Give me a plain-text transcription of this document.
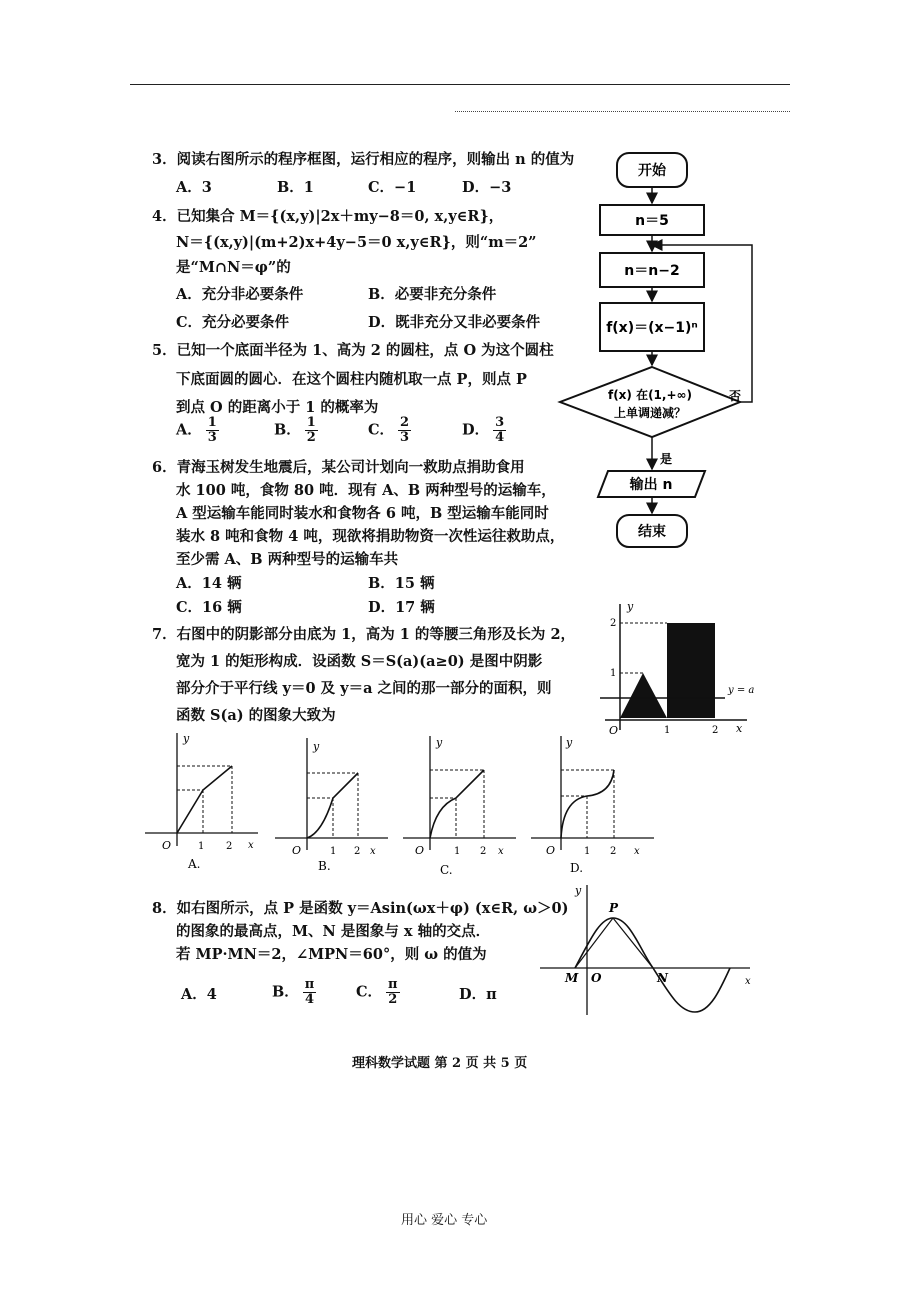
3．阅读右图所示的程序框图，运行相应的程序，则输出 n 的值为
A．3	B．1	C．−1	D．−3
4．已知集合 M＝{(x,y)|2x＋my−8＝0, x,y∈R}，
N＝{(x,y)|(m+2)x+4y−5＝0 x,y∈R}，则“m＝2”
是“M∩N＝φ”的
A．充分非必要条件	B．必要非充分条件
C．充分必要条件	D．既非充分又非必要条件
5．已知一个底面半径为 1、高为 2 的圆柱，点 O 为这个圆柱
下底面圆的圆心．在这个圆柱内随机取一点 P，则点 P
到点 O 的距离小于 1 的概率为
A． $\frac{1}{3}$	B． $\frac{1}{2}$	C． $\frac{2}{3}$	D． $\frac{3}{4}$
6．青海玉树发生地震后，某公司计划向一救助点捐助食用
水 100 吨，食物 80 吨．现有 A、B 两种型号的运输车，
A 型运输车能同时装水和食物各 6 吨，B 型运输车能同时
装水 8 吨和食物 4 吨，现欲将捐助物资一次性运往救助点，
至少需 A、B 两种型号的运输车共
A．14 辆	B．15 辆
C．16 辆	D．17 辆
7．右图中的阴影部分由底为 1，高为 1 的等腰三角形及长为 2，
宽为 1 的矩形构成．设函数 S＝S(a)(a≥0) 是图中阴影
部分介于平行线 y＝0 及 y＝a 之间的那一部分的面积，则
函数 S(a) 的图象大致为
8．如右图所示，点 P 是函数 y＝Asin(ωx＋φ) (x∈R, ω＞0)
的图象的最高点，M、N 是图象与 x 轴的交点．
若 MP·MN＝2，∠MPN＝60°，则 ω 的值为
A．4	B． $\frac{\pi}{4}$	C． $\frac{\pi}{2}$	D．π
开始
n＝5
n＝n−2
f(x)＝(x−1)ⁿ
f(x) 在(1,+∞)
上单调递减？
否
是
输出 n
结束
y
x
O
y = a
2
1
1	2
y
x
O	1 2
A.
y
x
O	1 2
B.
y
x
O	1 2
C.
y
x
O	1 2
D.
y
x
P
M O	N
理科数学试题 第 2 页 共 5 页
用心 爱心 专心
